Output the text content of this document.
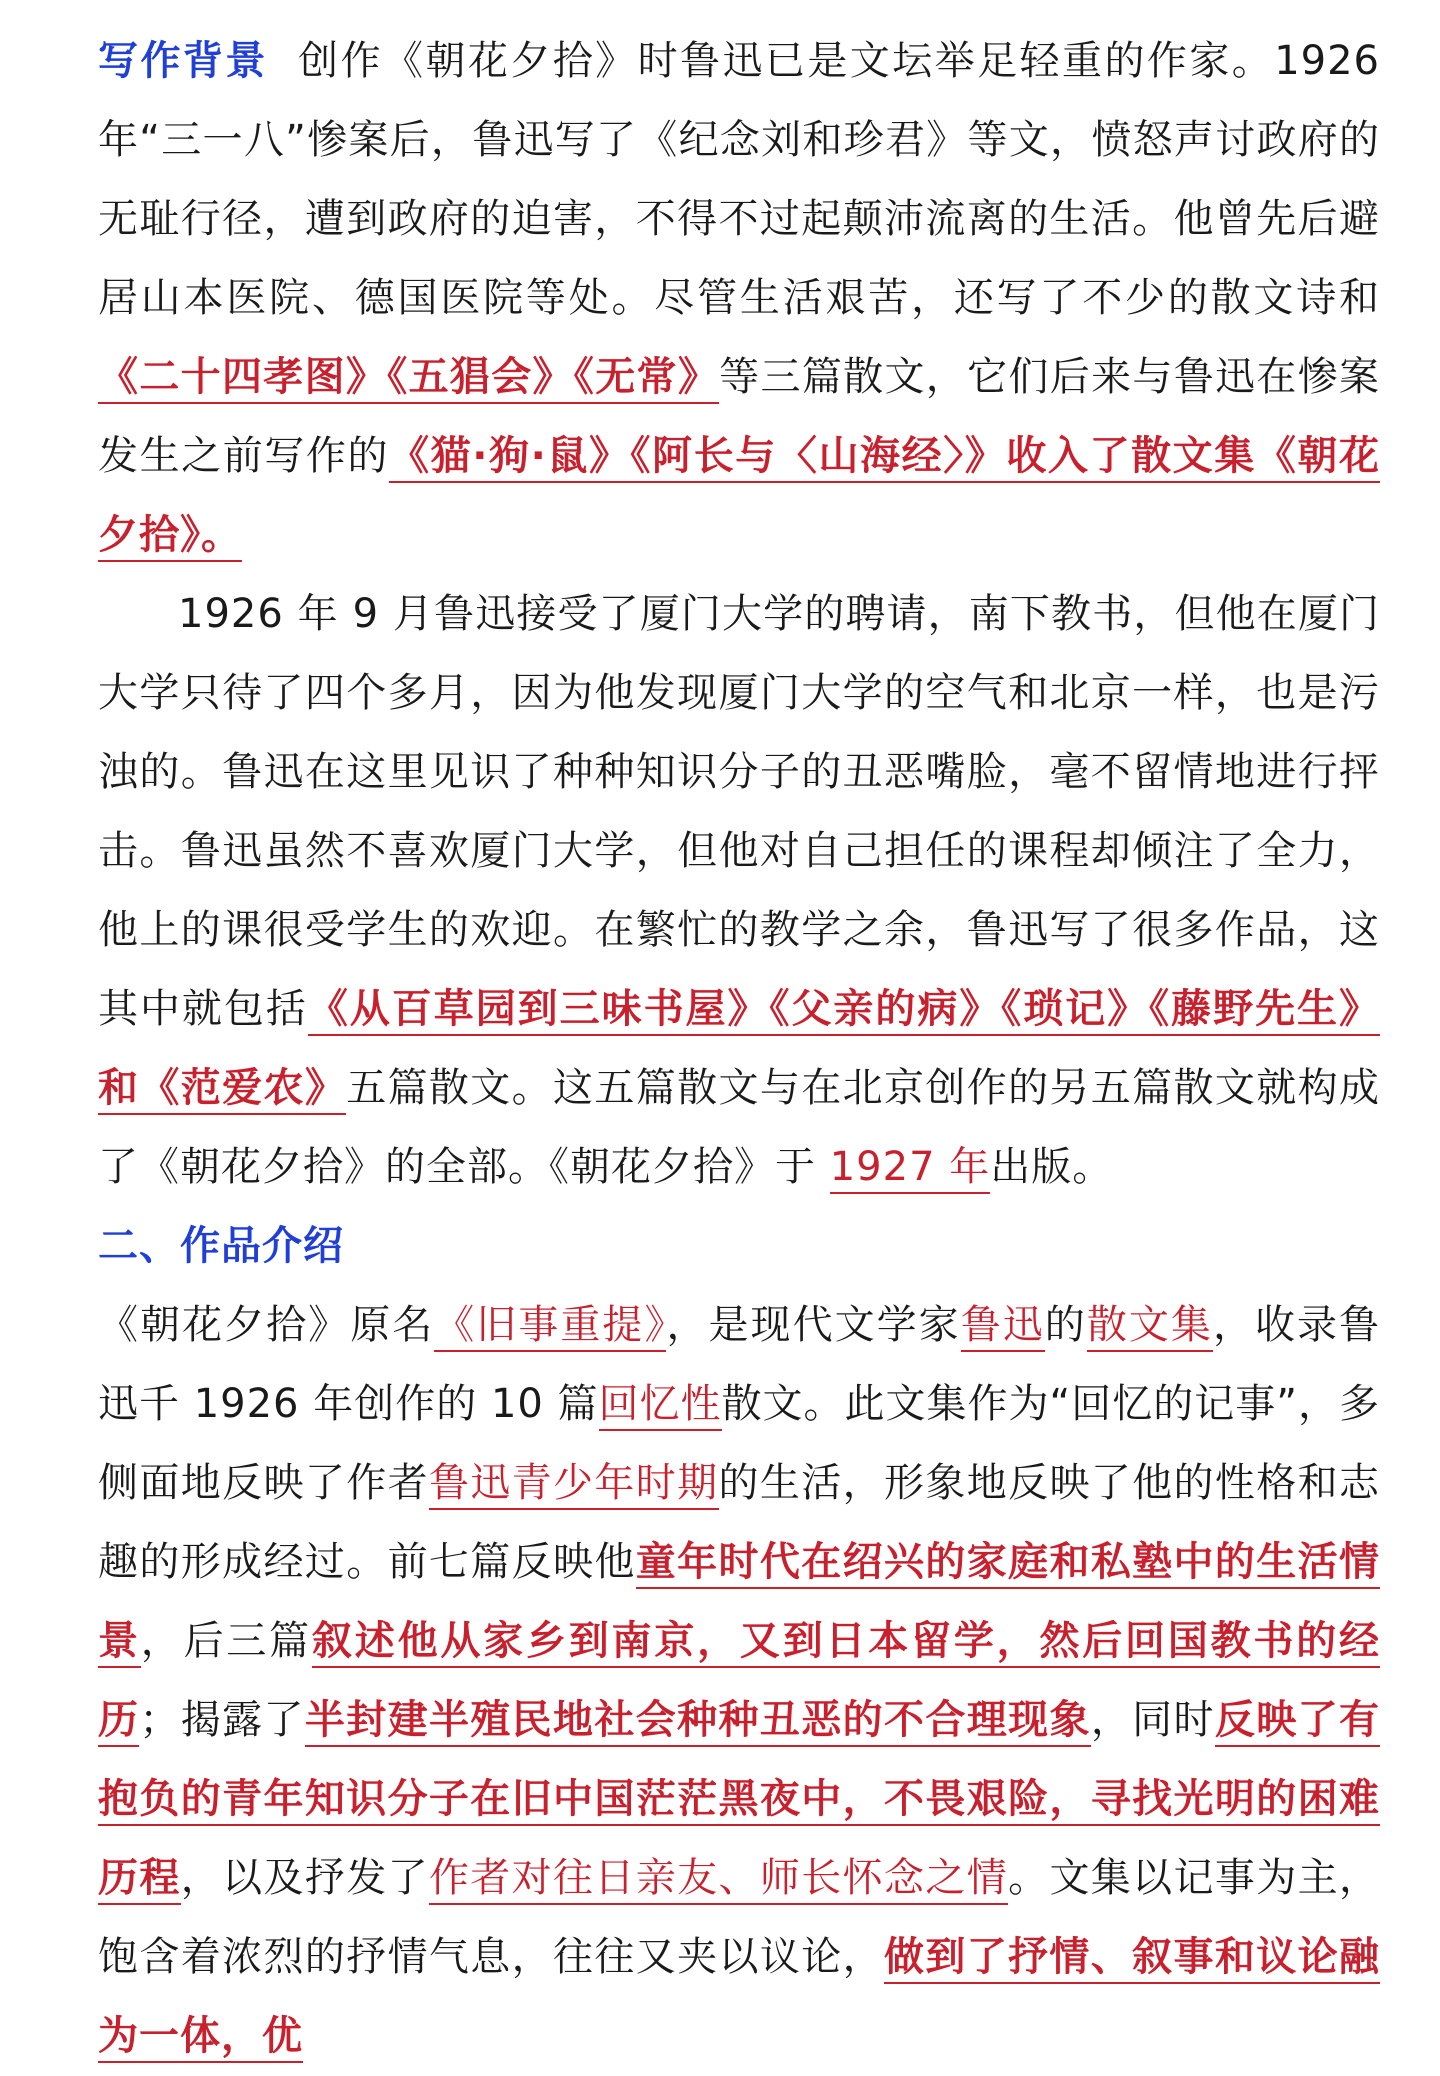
写作背景 创作《朝花夕拾》时鲁迅已是文坛举足轻重的作家。1926 年“三一八”惨案后，鲁迅写了《纪念刘和珍君》等文，愤怒声讨政府的无耻行径，遭到政府的迫害，不得不过起颠沛流离的生活。他曾先后避居山本医院、德国医院等处。尽管生活艰苦，还写了不少的散文诗和《二十四孝图》《五猖会》《无常》等三篇散文，它们后来与鲁迅在惨案发生之前写作的《猫·狗·鼠》《阿长与〈山海经〉》收入了散文集《朝花夕拾》。

1926 年 9 月鲁迅接受了厦门大学的聘请，南下教书，但他在厦门大学只待了四个多月，因为他发现厦门大学的空气和北京一样，也是污浊的。鲁迅在这里见识了种种知识分子的丑恶嘴脸，毫不留情地进行抨击。鲁迅虽然不喜欢厦门大学，但他对自己担任的课程却倾注了全力，他上的课很受学生的欢迎。在繁忙的教学之余，鲁迅写了很多作品，这其中就包括《从百草园到三味书屋》《父亲的病》《琐记》《藤野先生》和《范爱农》五篇散文。这五篇散文与在北京创作的另五篇散文就构成了《朝花夕拾》的全部。《朝花夕拾》于 1927 年出版。

二、作品介绍

《朝花夕拾》原名《旧事重提》，是现代文学家鲁迅的散文集，收录鲁迅千 1926 年创作的 10 篇回忆性散文。此文集作为“回忆的记事”，多侧面地反映了作者鲁迅青少年时期的生活，形象地反映了他的性格和志趣的形成经过。前七篇反映他童年时代在绍兴的家庭和私塾中的生活情景，后三篇叙述他从家乡到南京，又到日本留学，然后回国教书的经历；揭露了半封建半殖民地社会种种丑恶的不合理现象，同时反映了有抱负的青年知识分子在旧中国茫茫黑夜中，不畏艰险，寻找光明的困难历程，以及抒发了作者对往日亲友、师长怀念之情。文集以记事为主，饱含着浓烈的抒情气息，往往又夹以议论，做到了抒情、叙事和议论融为一体，优
